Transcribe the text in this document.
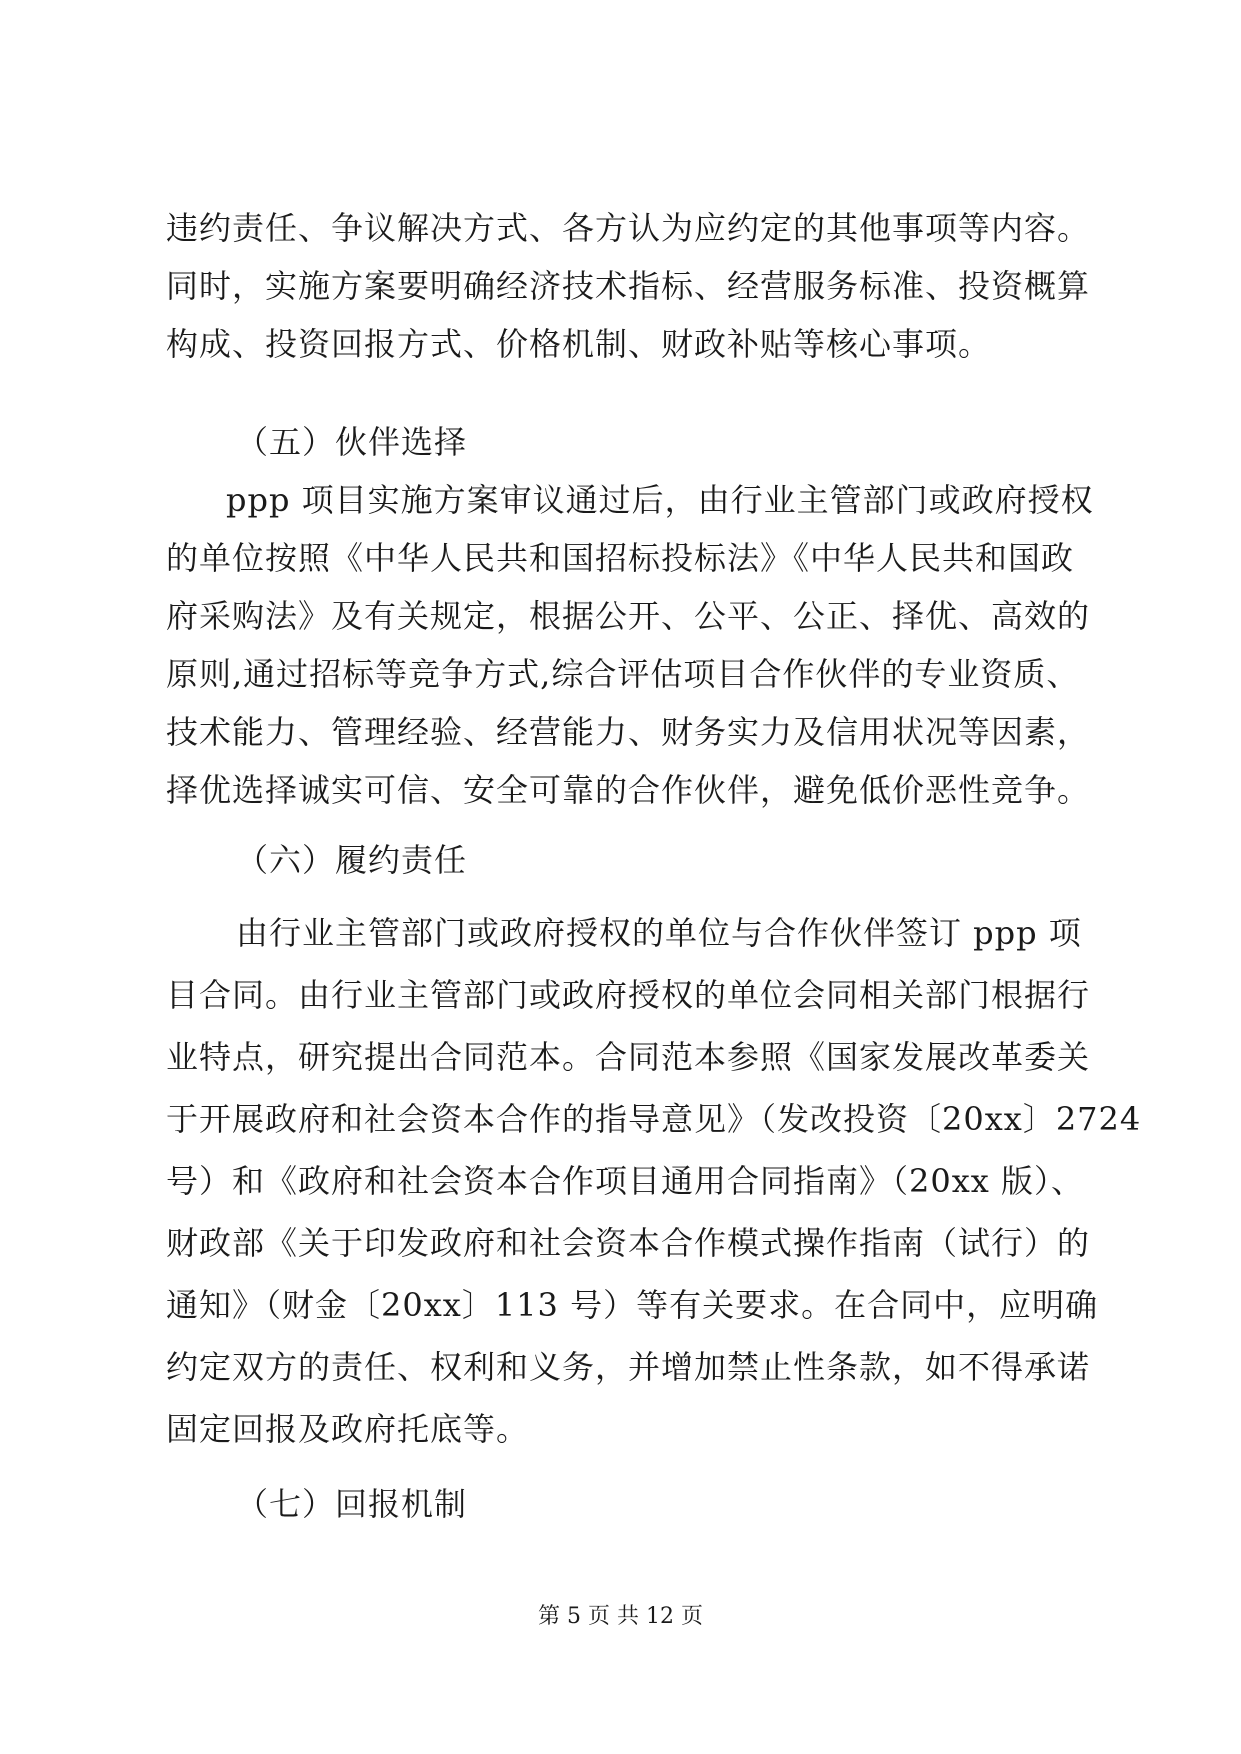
违约责任、争议解决方式、各方认为应约定的其他事项等内容。
同时，实施方案要明确经济技术指标、经营服务标准、投资概算
构成、投资回报方式、价格机制、财政补贴等核心事项。
（五）伙伴选择
ppp 项目实施方案审议通过后，由行业主管部门或政府授权
的单位按照《中华人民共和国招标投标法》《中华人民共和国政
府采购法》及有关规定，根据公开、公平、公正、择优、高效的
原则,通过招标等竞争方式,综合评估项目合作伙伴的专业资质、
技术能力、管理经验、经营能力、财务实力及信用状况等因素，
择优选择诚实可信、安全可靠的合作伙伴，避免低价恶性竞争。
（六）履约责任
由行业主管部门或政府授权的单位与合作伙伴签订 ppp 项
目合同。由行业主管部门或政府授权的单位会同相关部门根据行
业特点，研究提出合同范本。合同范本参照《国家发展改革委关
于开展政府和社会资本合作的指导意见》（发改投资〔20xx〕2724
号）和《政府和社会资本合作项目通用合同指南》（20xx 版）、
财政部《关于印发政府和社会资本合作模式操作指南（试行）的
通知》（财金〔20xx〕113 号）等有关要求。在合同中，应明确
约定双方的责任、权利和义务，并增加禁止性条款，如不得承诺
固定回报及政府托底等。
（七）回报机制
第 5 页 共 12 页
